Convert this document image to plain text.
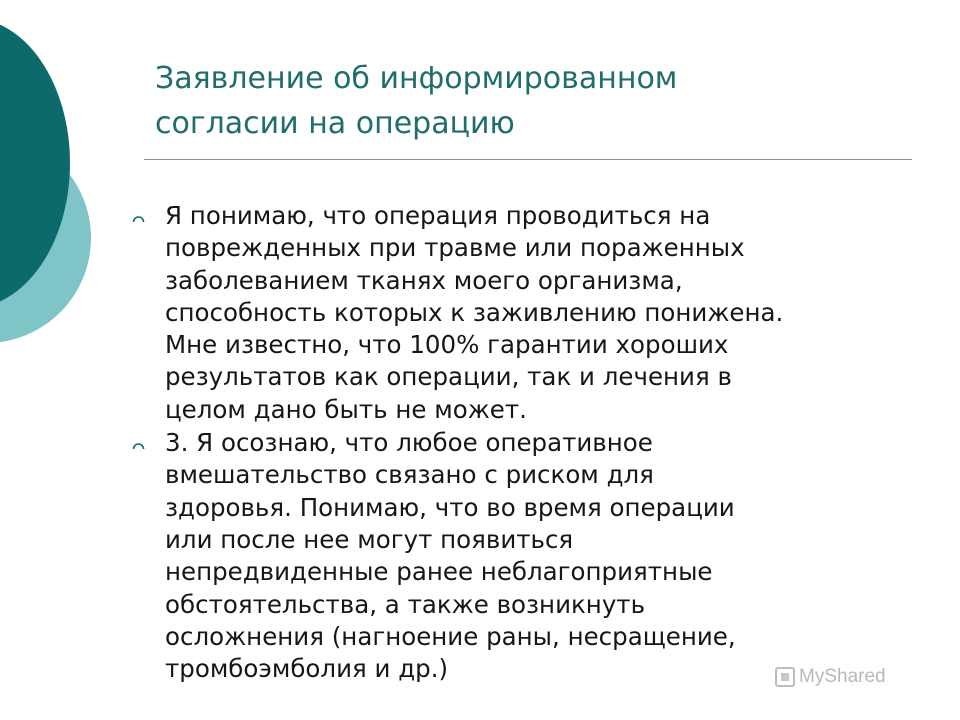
Заявление об информированном
согласии на операцию
Я понимаю, что операция проводиться на
поврежденных при травме или пораженных
заболеванием тканях моего организма,
способность которых к заживлению понижена.
Мне известно, что 100% гарантии хороших
результатов как операции, так и лечения в
целом дано быть не может.
3. Я осознаю, что любое оперативное
вмешательство связано с риском для
здоровья. Понимаю, что во время операции
или после нее могут появиться
непредвиденные ранее неблагоприятные
обстоятельства, а также возникнуть
осложнения (нагноение раны, несращение,
тромбоэмболия и др.)	MyShared
